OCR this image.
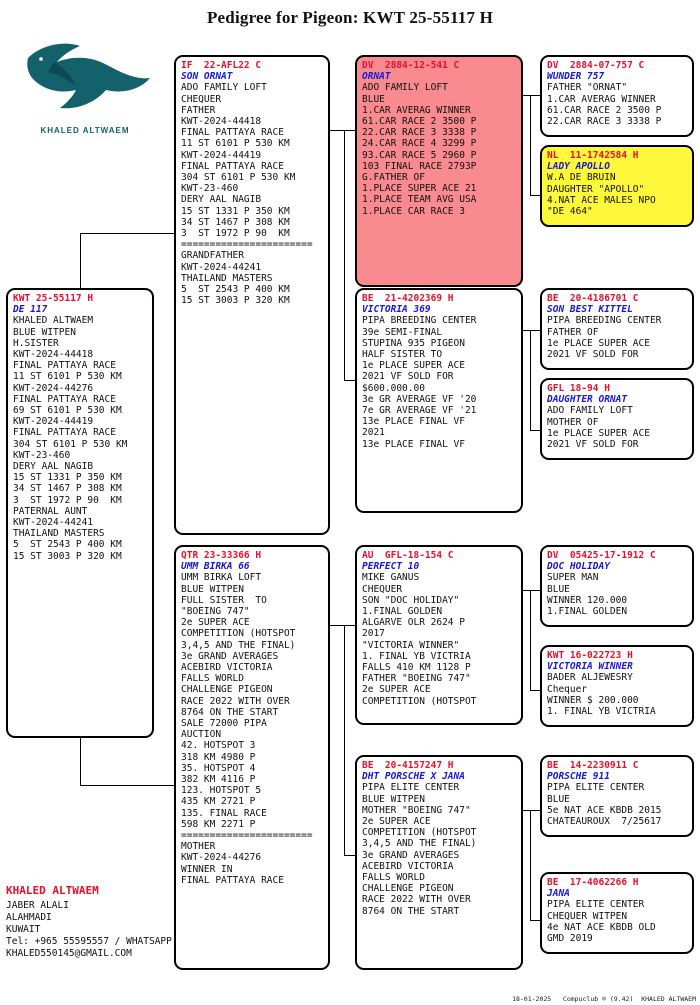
Pedigree for Pigeon: KWT 25-55117 H
KHALED ALTWAEM
KWT 25-55117 H
DE 117
KHALED ALTWAEM
BLUE WITPEN
H.SISTER
KWT-2024-44418
FINAL PATTAYA RACE
11 ST 6101 P 530 KM
KWT-2024-44276
FINAL PATTAYA RACE
69 ST 6101 P 530 KM
KWT-2024-44419
FINAL PATTAYA RACE
304 ST 6101 P 530 KM
KWT-23-460
DERY AAL NAGIB
15 ST 1331 P 350 KM
34 ST 1467 P 308 KM
3  ST 1972 P 90  KM
PATERNAL AUNT
KWT-2024-44241
THAILAND MASTERS
5  ST 2543 P 400 KM
15 ST 3003 P 320 KM
IF  22-AFL22 C
SON ORNAT
ADO FAMILY LOFT
CHEQUER
FATHER
KWT-2024-44418
FINAL PATTAYA RACE
11 ST 6101 P 530 KM
KWT-2024-44419
FINAL PATTAYA RACE
304 ST 6101 P 530 KM
KWT-23-460
DERY AAL NAGIB
15 ST 1331 P 350 KM
34 ST 1467 P 308 KM
3  ST 1972 P 90  KM
=======================
GRANDFATHER
KWT-2024-44241
THAILAND MASTERS
5  ST 2543 P 400 KM
15 ST 3003 P 320 KM
QTR 23-33366 H
UMM BIRKA 66
UMM BIRKA LOFT
BLUE WITPEN
FULL SISTER  TO
"BOEING 747"
2e SUPER ACE
COMPETITION (HOTSPOT
3,4,5 AND THE FINAL)
3e GRAND AVERAGES
ACEBIRD VICTORIA
FALLS WORLD
CHALLENGE PIGEON
RACE 2022 WITH OVER
8764 ON THE START
SALE 72000 PIPA
AUCTION
42. HOTSPOT 3
318 KM 4980 P
35. HOTSPOT 4
382 KM 4116 P
123. HOTSPOT 5
435 KM 2721 P
135. FINAL RACE
598 KM 2271 P
=======================
MOTHER
KWT-2024-44276
WINNER IN
FINAL PATTAYA RACE
DV  2884-12-541 C
ORNAT
ADO FAMILY LOFT
BLUE
1.CAR AVERAG WINNER
61.CAR RACE 2 3500 P
22.CAR RACE 3 3338 P
24.CAR RACE 4 3299 P
93.CAR RACE 5 2960 P
103 FINAL RACE 2793P
G.FATHER OF
1.PLACE SUPER ACE 21
1.PLACE TEAM AVG USA
1.PLACE CAR RACE 3
BE  21-4202369 H
VICTORIA 369
PIPA BREEDING CENTER
39e SEMI-FINAL
STUPINA 935 PIGEON
HALF SISTER TO
1e PLACE SUPER ACE
2021 VF SOLD FOR
$600.000.00
3e GR AVERAGE VF '20
7e GR AVERAGE VF '21
13e PLACE FINAL VF
2021
13e PLACE FINAL VF
AU  GFL-18-154 C
PERFECT 10
MIKE GANUS
CHEQUER
SON "DOC HOLIDAY"
1.FINAL GOLDEN
ALGARVE OLR 2624 P
2017
"VICTORIA WINNER"
1. FINAL YB VICTRIA
FALLS 410 KM 1128 P
FATHER "BOEING 747"
2e SUPER ACE
COMPETITION (HOTSPOT
BE  20-4157247 H
DHT PORSCHE X JANA
PIPA ELITE CENTER
BLUE WITPEN
MOTHER "BOEING 747"
2e SUPER ACE
COMPETITION (HOTSPOT
3,4,5 AND THE FINAL)
3e GRAND AVERAGES
ACEBIRD VICTORIA
FALLS WORLD
CHALLENGE PIGEON
RACE 2022 WITH OVER
8764 ON THE START
DV  2884-07-757 C
WUNDER 757
FATHER "ORNAT"
1.CAR AVERAG WINNER
61.CAR RACE 2 3500 P
22.CAR RACE 3 3338 P
NL  11-1742584 H
LADY APOLLO
W.A DE BRUIN
DAUGHTER "APOLLO"
4.NAT ACE MALES NPO
"DE 464"
BE  20-4186701 C
SON BEST KITTEL
PIPA BREEDING CENTER
FATHER OF
1e PLACE SUPER ACE
2021 VF SOLD FOR
GFL 18-94 H
DAUGHTER ORNAT
ADO FAMILY LOFT
MOTHER OF
1e PLACE SUPER ACE
2021 VF SOLD FOR
DV  05425-17-1912 C
DOC HOLIDAY
SUPER MAN
BLUE
WINNER 120.000
1.FINAL GOLDEN
KWT 16-022723 H
VICTORIA WINNER
BADER ALJEWESRY
Chequer
WINNER $ 200.000
1. FINAL YB VICTRIA
BE  14-2230911 C
PORSCHE 911
PIPA ELITE CENTER
BLUE
5e NAT ACE KBDB 2015
CHATEAUROUX  7/25617
BE  17-4062266 H
JANA
PIPA ELITE CENTER
CHEQUER WITPEN
4e NAT ACE KBDB OLD
GMD 2019
KHALED ALTWAEM
JABER ALALI
ALAHMADI
KUWAIT
Tel: +965 55595557 / WHATSAPP
KHALED550145@GMAIL.COM
18-01-2025   Compuclub ® (9.42)  KHALED ALTWAEM
